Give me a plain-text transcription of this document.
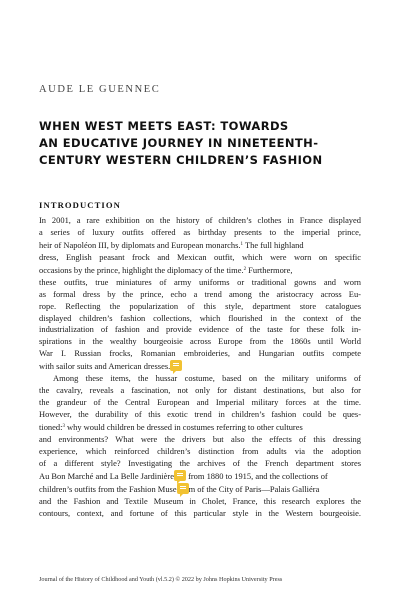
AUDE LE GUENNEC
WHEN WEST MEETS EAST: TOWARDS
AN EDUCATIVE JOURNEY IN NINETEENTH-
CENTURY WESTERN CHILDREN’S FASHION
INTRODUCTION
In 2001, a rare exhibition on the history of children’s clothes in France displayed
a series of luxury outfits offered as birthday presents to the imperial prince,
heir of Napoléon III, by diplomats and European monarchs.$^1$ The full highland
dress, English peasant frock and Mexican outfit, which were worn on specific
occasions by the prince, highlight the diplomacy of the time.$^2$ Furthermore,
these outfits, true miniatures of army uniforms or traditional gowns and worn
as formal dress by the prince, echo a trend among the aristocracy across Eu-
rope. Reflecting the popularization of this style, department store catalogues
displayed children’s fashion collections, which flourished in the context of the
industrialization of fashion and provide evidence of the taste for these folk in-
spirations in the wealthy bourgeoisie across Europe from the 1860s until World
War I. Russian frocks, Romanian embroideries, and Hungarian outfits compete
with sailor suits and American dresses.
Among these items, the hussar costume, based on the military uniforms of
the cavalry, reveals a fascination, not only for distant destinations, but also for
the grandeur of the Central European and Imperial military forces at the time.
However, the durability of this exotic trend in children’s fashion could be ques-
tioned:$^3$ why would children be dressed in costumes referring to other cultures
and environments? What were the drivers but also the effects of this dressing
experience, which reinforced children’s distinction from adults via the adoption
of a different style? Investigating the archives of the French department stores
Au Bon Marché and La Belle Jardinière from 1880 to 1915, and the collections of
children’s outfits from the Fashion Muse m of the City of Paris—Palais Galliéra
and the Fashion and Textile Museum in Cholet, France, this research explores the
contours, context, and fortune of this particular style in the Western bourgeoisie.
Journal of the History of Childhood and Youth (vl.5.2) © 2022 by Johns Hopkins University Press
